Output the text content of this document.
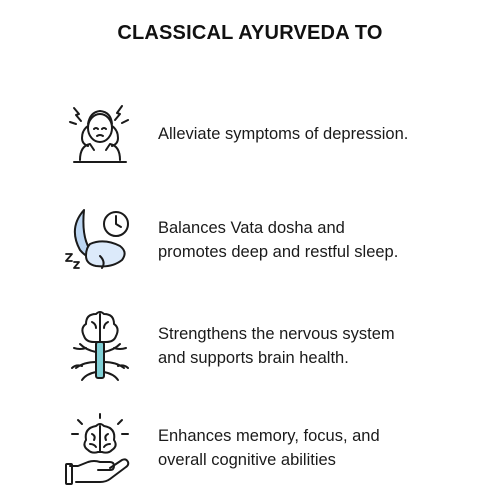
CLASSICAL AYURVEDA TO
Alleviate symptoms of depression.
Balances Vata dosha and
promotes deep and restful sleep.
Strengthens the nervous system
and supports brain health.
Enhances memory, focus, and
overall cognitive abilities
